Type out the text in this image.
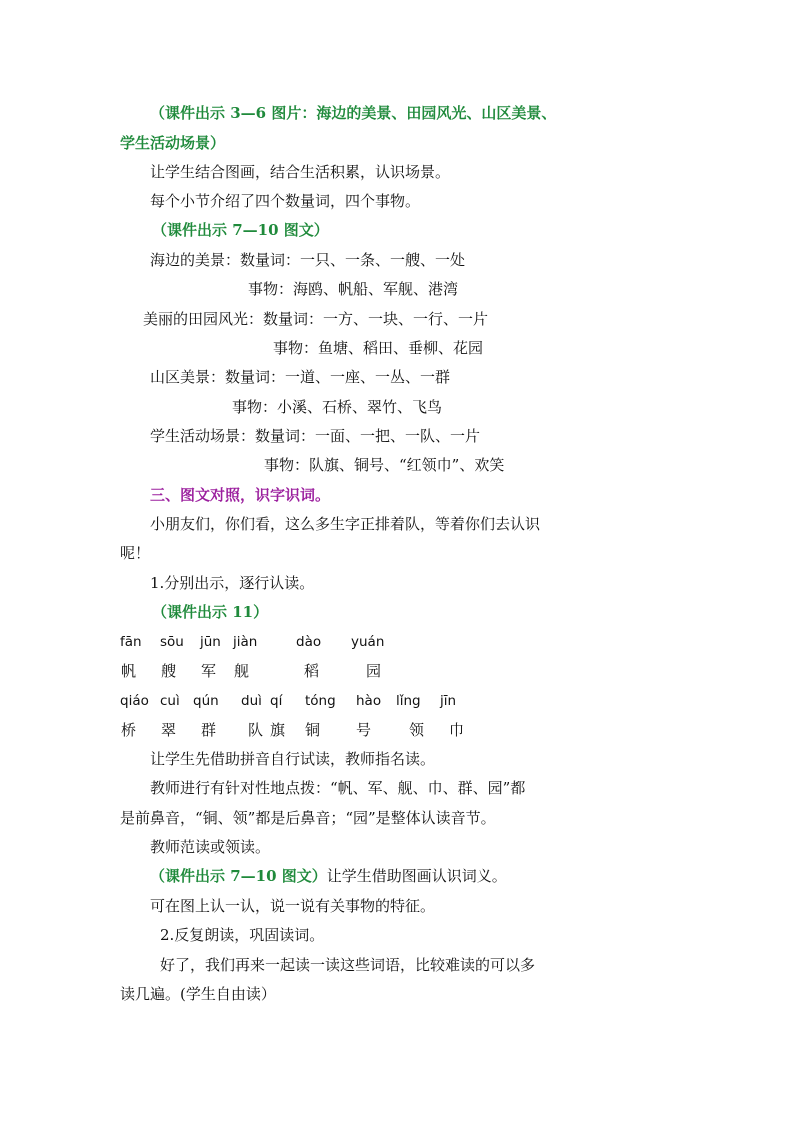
（课件出示 3—6 图片：海边的美景、田园风光、山区美景、
学生活动场景）
让学生结合图画，结合生活积累，认识场景。
每个小节介绍了四个数量词，四个事物。
（课件出示 7—10 图文）
海边的美景：数量词：一只、一条、一艘、一处
事物：海鸥、帆船、军舰、港湾
美丽的田园风光：数量词：一方、一块、一行、一片
事物：鱼塘、稻田、垂柳、花园
山区美景：数量词：一道、一座、一丛、一群
事物：小溪、石桥、翠竹、飞鸟
学生活动场景：数量词：一面、一把、一队、一片
事物：队旗、铜号、“红领巾”、欢笑
三、图文对照，识字识词。
小朋友们，你们看，这么多生字正排着队，等着你们去认识
呢！
1.分别出示，逐行认读。
（课件出示 11）
fān sōu jūn jiàn	dào yuán
帆 艘 军 舰	稻	园
qiáo cuì qún duì qí tóng hào lǐng jīn
桥 翠 群 队 旗 铜 号	领 巾
让学生先借助拼音自行试读，教师指名读。
教师进行有针对性地点拨：“帆、军、舰、巾、群、园”都
是前鼻音，“铜、领”都是后鼻音；“园”是整体认读音节。
教师范读或领读。
（课件出示 7—10 图文）让学生借助图画认识词义。
可在图上认一认，说一说有关事物的特征。
2.反复朗读，巩固读词。
好了，我们再来一起读一读这些词语，比较难读的可以多
读几遍。(学生自由读）
